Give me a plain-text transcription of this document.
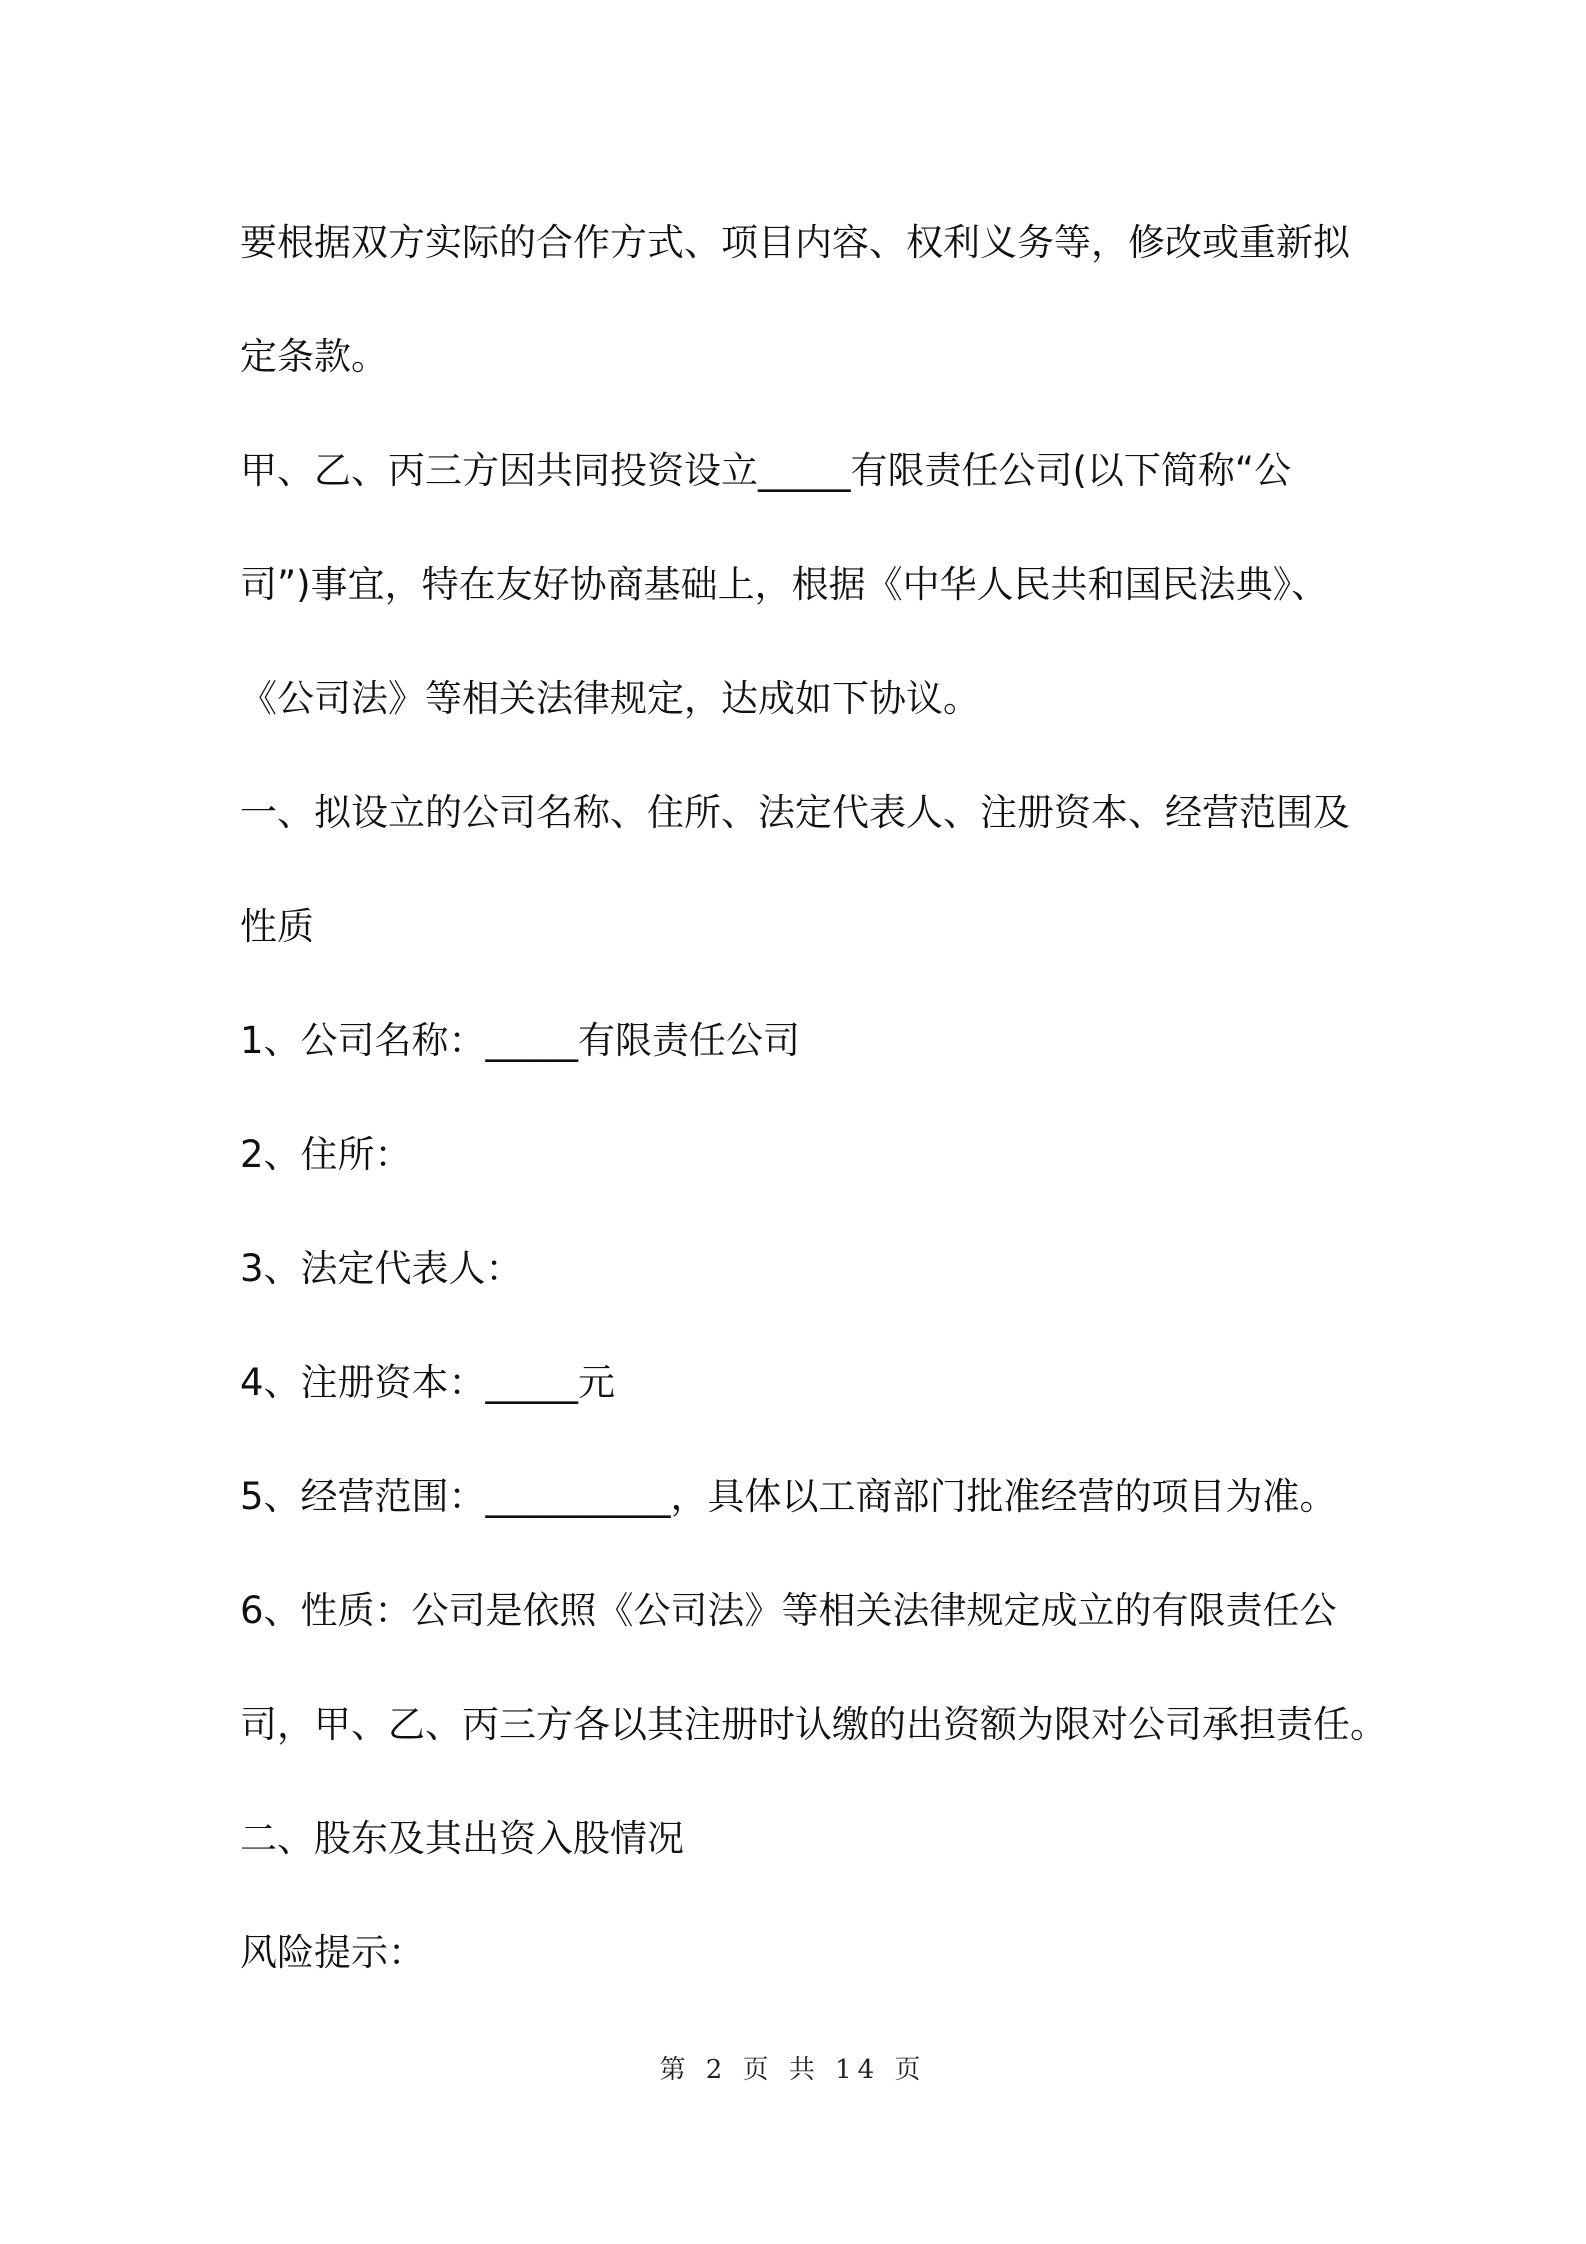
要根据双方实际的合作方式、项目内容、权利义务等，修改或重新拟
定条款。
甲、乙、丙三方因共同投资设立_____有限责任公司(以下简称“公
司”)事宜，特在友好协商基础上，根据《中华人民共和国民法典》、
《公司法》等相关法律规定，达成如下协议。
一、拟设立的公司名称、住所、法定代表人、注册资本、经营范围及
性质
1、公司名称：_____有限责任公司
2、住所：
3、法定代表人：
4、注册资本：_____元
5、经营范围：__________，具体以工商部门批准经营的项目为准。
6、性质：公司是依照《公司法》等相关法律规定成立的有限责任公
司，甲、乙、丙三方各以其注册时认缴的出资额为限对公司承担责任。
二、股东及其出资入股情况
风险提示：
第 2 页 共 14 页
